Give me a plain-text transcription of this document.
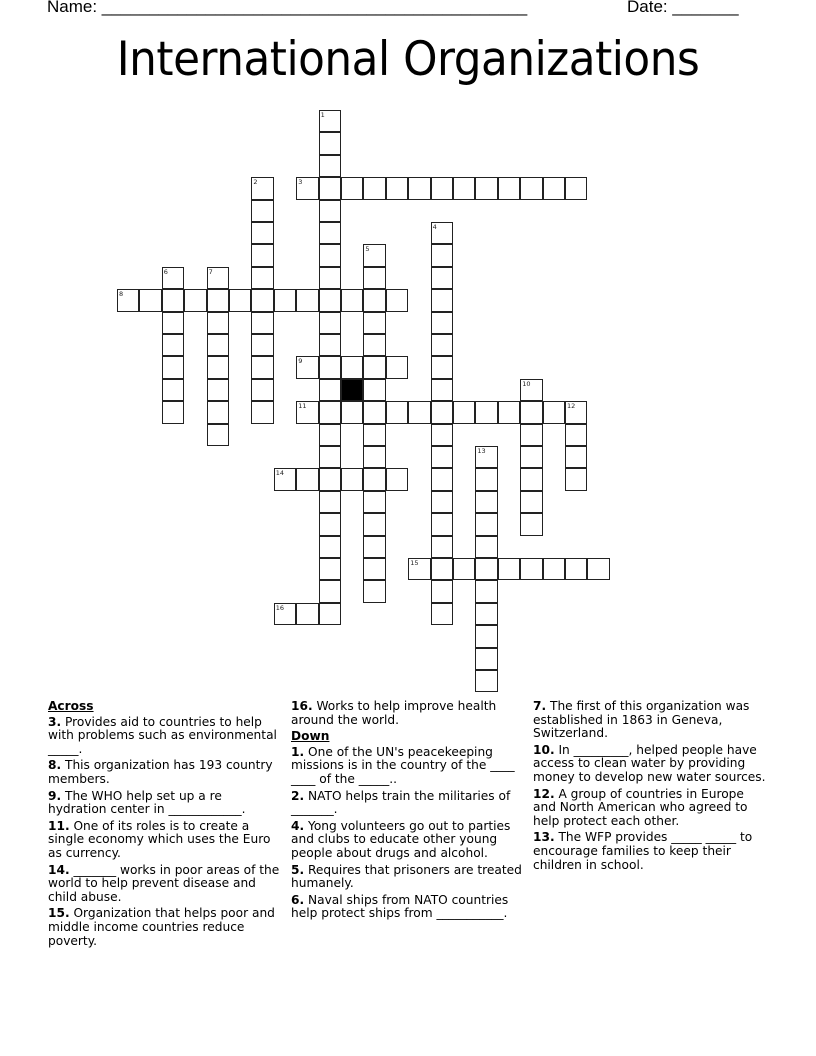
Name: _____________________________________________	Date: _______
International Organizations
1
2	3
4
5
6	7
8
9
10
11	12
13
14
15
16
Across
3. Provides aid to countries to help with problems such as environmental _____.
8. This organization has 193 country members.
9. The WHO help set up a re hydration center in ____________.
11. One of its roles is to create a single economy which uses the Euro as currency.
14. _______ works in poor areas of the world to help prevent disease and child abuse.
15. Organization that helps poor and middle income countries reduce poverty.
16. Works to help improve health around the world.
Down
1. One of the UN's peacekeeping missions is in the country of the ____ ____ of the _____..
2. NATO helps train the militaries of _______.
4. Yong volunteers go out to parties and clubs to educate other young people about drugs and alcohol.
5. Requires that prisoners are treated humanely.
6. Naval ships from NATO countries help protect ships from ___________.
7. The first of this organization was established in 1863 in Geneva, Switzerland.
10. In _________, helped people have access to clean water by providing money to develop new water sources.
12. A group of countries in Europe and North American who agreed to help protect each other.
13. The WFP provides _____ _____ to encourage families to keep their children in school.
